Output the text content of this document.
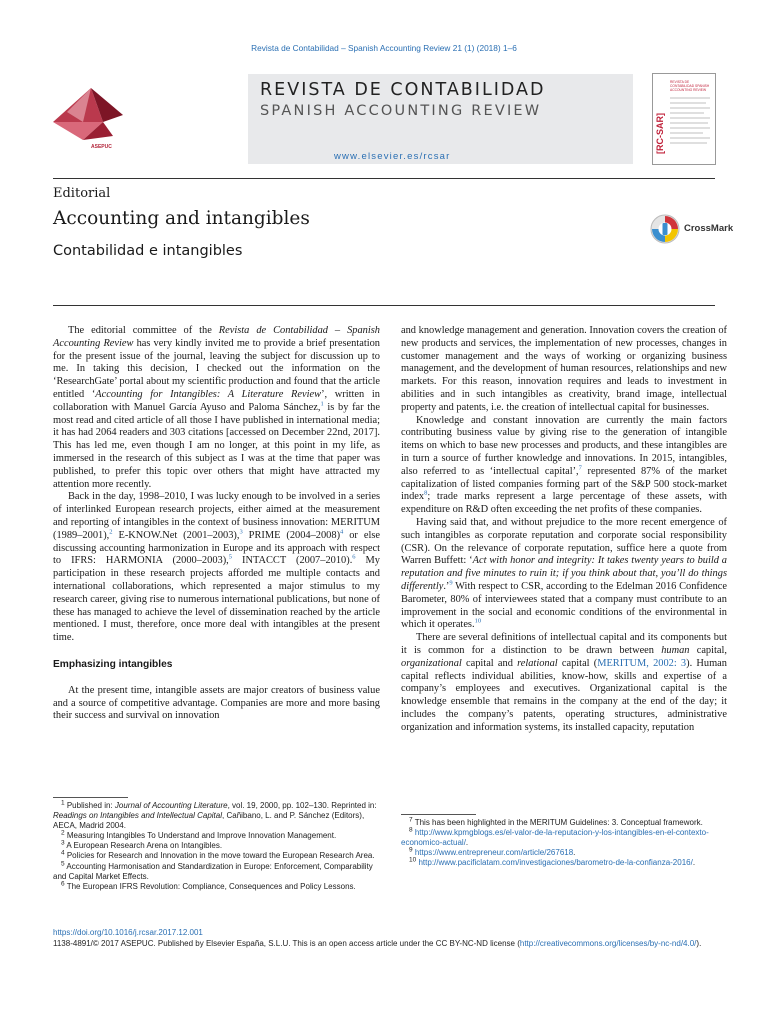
Revista de Contabilidad – Spanish Accounting Review 21 (1) (2018) 1–6
ASEPUC
REVISTA DE CONTABILIDAD
SPANISH ACCOUNTING REVIEW
www.elsevier.es/rcsar
[RC-SAR]
REVISTA DE CONTABILIDAD SPANISH ACCOUNTING REVIEW
Editorial
Accounting and intangibles
Contabilidad e intangibles
CrossMark

The editorial committee of the Revista de Contabilidad – Spanish Accounting Review has very kindly invited me to provide a brief presentation for the present issue of the journal, leaving the subject for discussion up to me. In taking this decision, I checked out the information on the ‘ResearchGate’ portal about my scientific production and found that the article entitled ‘Accounting for Intangibles: A Literature Review’, written in collaboration with Manuel García Ayuso and Paloma Sánchez,$^1$ is by far the most read and cited article of all those I have published in international media; it has had 2064 readers and 303 citations [accessed on December 22nd, 2017]. This has led me, even though I am no longer, at this point in my life, as immersed in the research of this subject as I was at the time that paper was published, to prefer this topic over others that might have attracted my attention more recently.

Back in the day, 1998–2010, I was lucky enough to be involved in a series of interlinked European research projects, either aimed at the measurement and reporting of intangibles in the context of business innovation: MERITUM (1989–2001),$^2$ E-KNOW.Net (2001–2003),$^3$ PRIME (2004–2008)$^4$ or else discussing accounting harmonization in Europe and its approach with respect to IFRS: HARMONIA (2000–2003),$^5$ INTACCT (2007–2010).$^6$ My participation in these research projects afforded me multiple contacts and international collaborations, which represented a major stimulus to my research career, giving rise to numerous international publications, but none of these has managed to achieve the level of dissemination reached by the article mentioned. I must, therefore, once more deal with intangibles at the present time.

Emphasizing intangibles

At the present time, intangible assets are major creators of business value and a source of competitive advantage. Companies are more and more basing their success and survival on innovation

and knowledge management and generation. Innovation covers the creation of new products and services, the implementation of new processes, changes in customer management and the ways of working or organizing business management, and the development of human resources, relationships and new markets. For this reason, innovation requires and leads to investment in abilities and in such intangibles as creativity, brand image, intellectual property and patents, i.e. the creation of intellectual capital for businesses.

Knowledge and constant innovation are currently the main factors contributing business value by giving rise to the generation of intangible items on which to base new processes and products, and these intangibles are in turn a source of further knowledge and innovations. In 2015, intangibles, also referred to as ‘intellectual capital’,$^7$ represented 87% of the market capitalization of listed companies forming part of the S&P 500 stock-market index$^8$; trade marks represent a large percentage of these assets, with expenditure on R&D often exceeding the net profits of these companies.

Having said that, and without prejudice to the more recent emergence of such intangibles as corporate reputation and corporate social responsibility (CSR). On the relevance of corporate reputation, suffice here a quote from Warren Buffett: ‘Act with honor and integrity: It takes twenty years to build a reputation and five minutes to ruin it; if you think about that, you’ll do things differently.’$^9$ With respect to CSR, according to the Edelman 2016 Confidence Barometer, 80% of interviewees stated that a company must contribute to an improvement in the social and economic conditions of the environmental in which it operates.$^{10}$

There are several definitions of intellectual capital and its components but it is common for a distinction to be drawn between human capital, organizational capital and relational capital (MERITUM, 2002: 3). Human capital reflects individual abilities, know-how, skills and expertise of a company’s employees and executives. Organizational capital is the knowledge ensemble that remains in the company at the end of the day; it includes the company’s patents, operating structures, administrative organization and information systems, its installed capacity, reputation

$^1$ Published in: Journal of Accounting Literature, vol. 19, 2000, pp. 102–130. Reprinted in: Readings on Intangibles and Intellectual Capital, Cañibano, L. and P. Sánchez (Editors), AECA, Madrid 2004.
$^2$ Measuring Intangibles To Understand and Improve Innovation Management.
$^3$ A European Research Arena on Intangibles.
$^4$ Policies for Research and Innovation in the move toward the European Research Area.
$^5$ Accounting Harmonisation and Standardization in Europe: Enforcement, Comparability and Capital Market Effects.
$^6$ The European IFRS Revolution: Compliance, Consequences and Policy Lessons.
$^7$ This has been highlighted in the MERITUM Guidelines: 3. Conceptual framework.
$^8$ http://www.kpmgblogs.es/el-valor-de-la-reputacion-y-los-intangibles-en-el-contexto-economico-actual/.
$^9$ https://www.entrepreneur.com/article/267618.
$^{10}$ http://www.pacificlatam.com/investigaciones/barometro-de-la-confianza-2016/.
https://doi.org/10.1016/j.rcsar.2017.12.001
1138-4891/© 2017 ASEPUC. Published by Elsevier España, S.L.U. This is an open access article under the CC BY-NC-ND license (http://creativecommons.org/licenses/by-nc-nd/4.0/).
